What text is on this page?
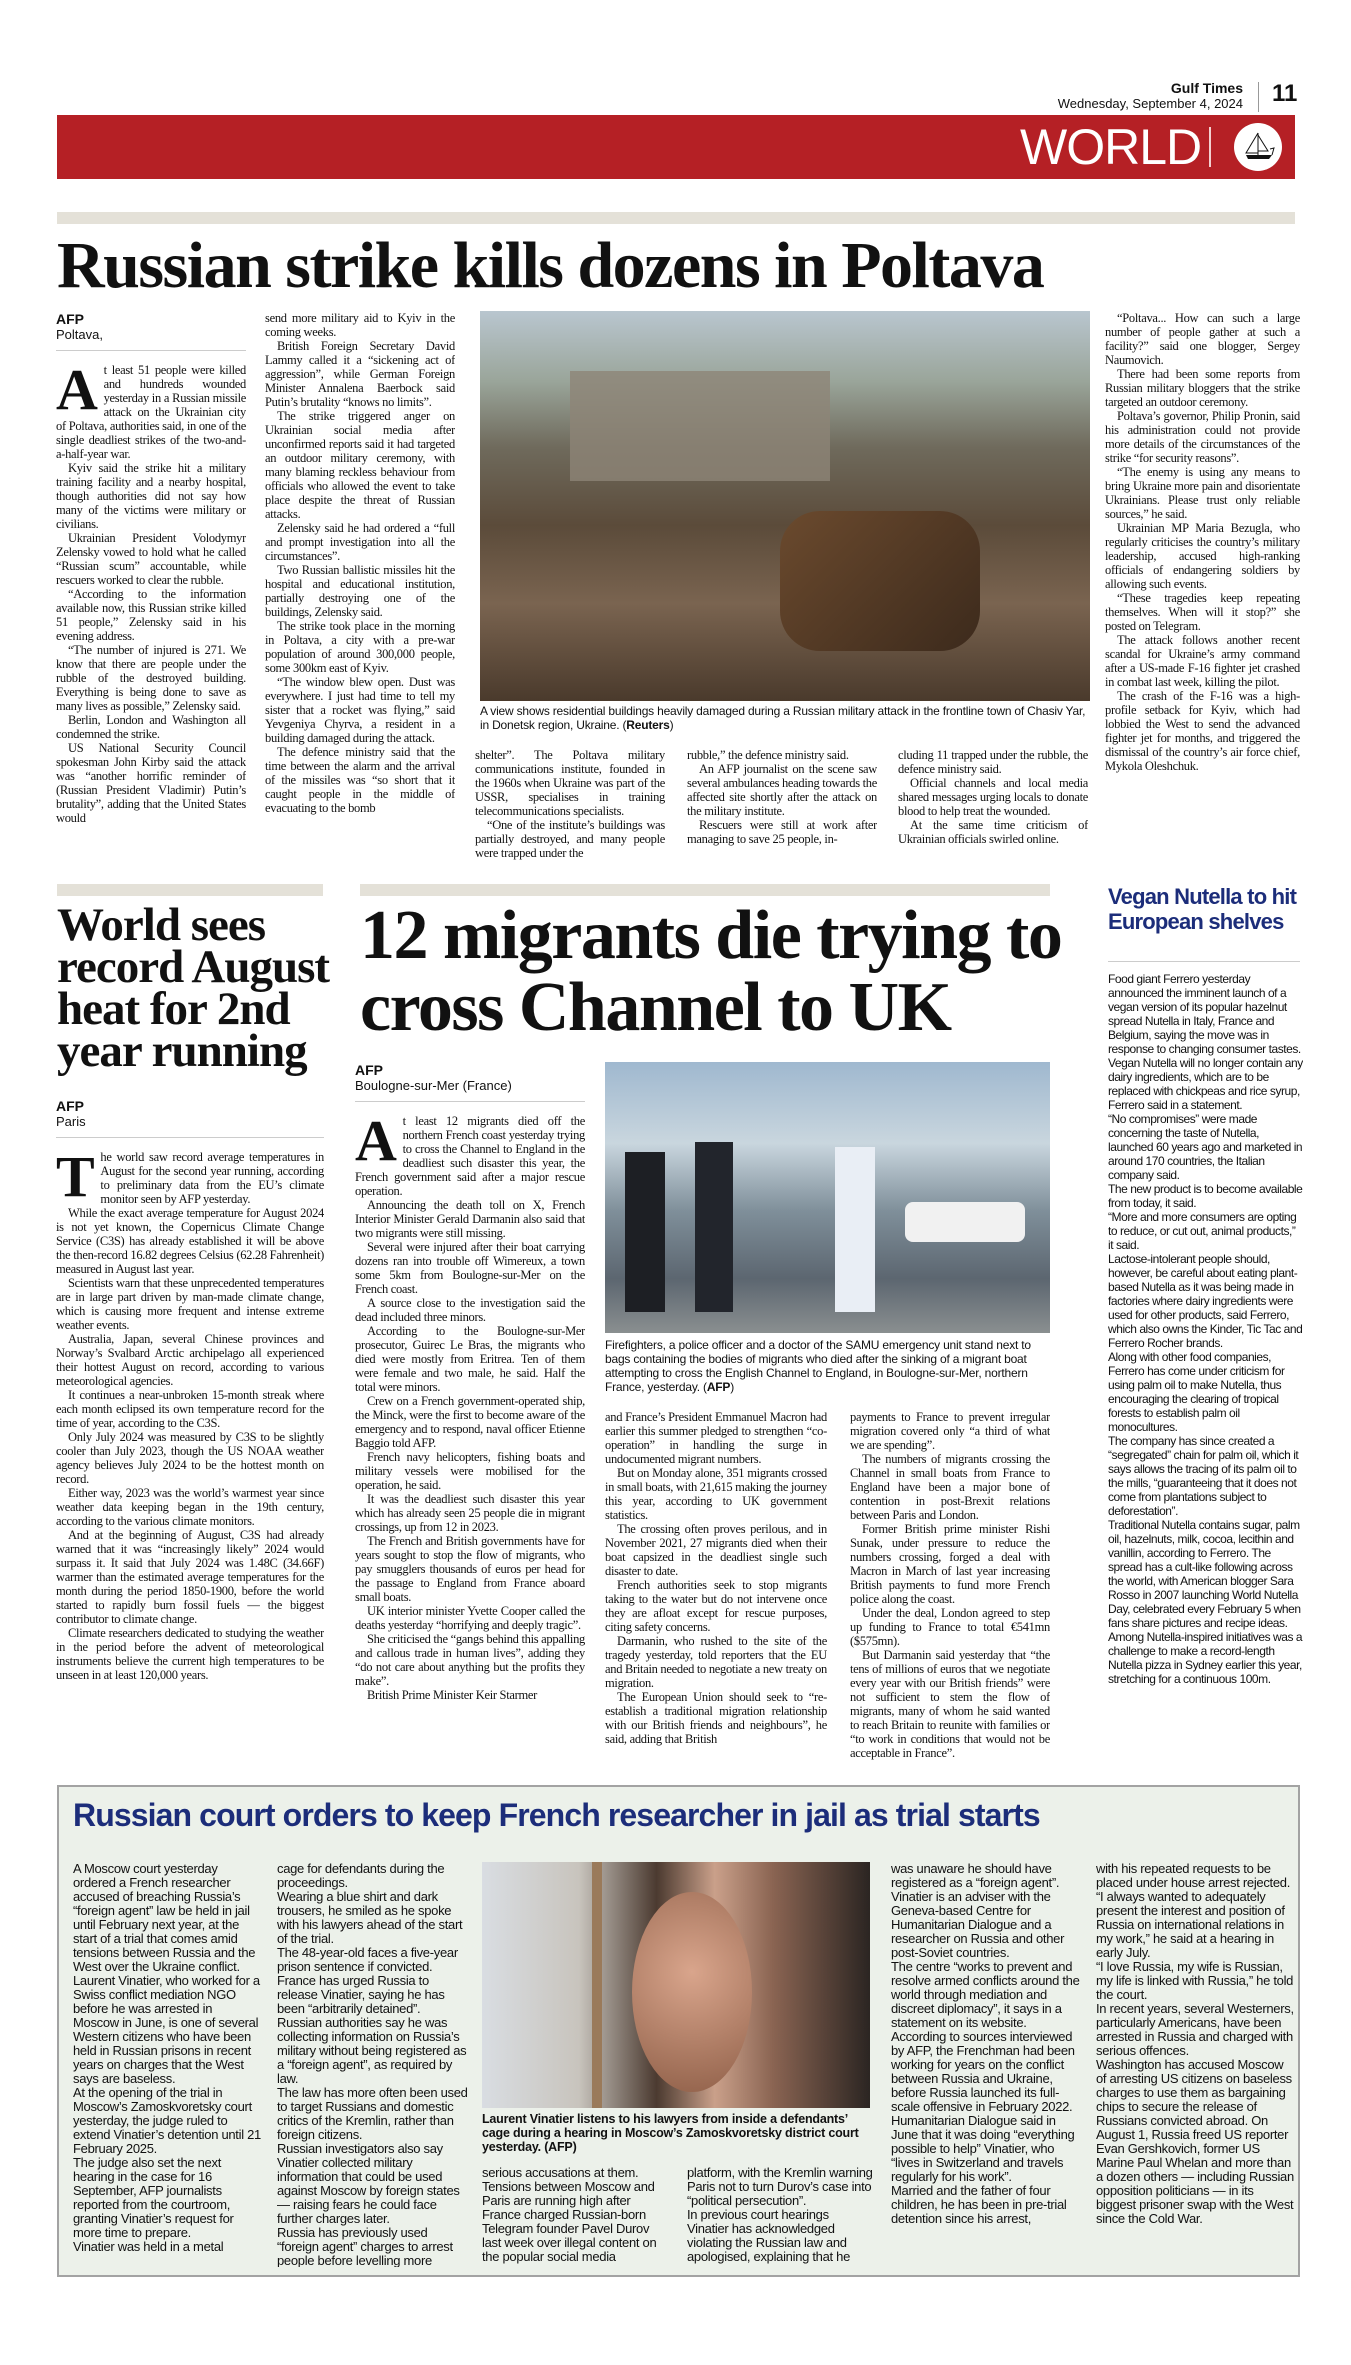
Gulf Times
Wednesday, September 4, 2024 11
WORLD
Russian strike kills dozens in Poltava
AFP
Poltava,

At least 51 people were killed and hundreds wounded yesterday in a Russian missile attack on the Ukrainian city of Poltava, authorities said, in one of the single deadliest strikes of the two-and-a-half-year war.

Kyiv said the strike hit a military training facility and a nearby hospital, though authorities did not say how many of the victims were military or civilians.

Ukrainian President Volodymyr Zelensky vowed to hold what he called “Russian scum” accountable, while rescuers worked to clear the rubble.

“According to the information available now, this Russian strike killed 51 people,” Zelensky said in his evening address.

“The number of injured is 271. We know that there are people under the rubble of the destroyed building. Everything is being done to save as many lives as possible,” Zelensky said.

Berlin, London and Washington all condemned the strike.

US National Security Council spokesman John Kirby said the attack was “another horrific reminder of (Russian President Vladimir) Putin’s brutality”, adding that the United States would

send more military aid to Kyiv in the coming weeks.

British Foreign Secretary David Lammy called it a “sickening act of aggression”, while German Foreign Minister Annalena Baerbock said Putin’s brutality “knows no limits”.

The strike triggered anger on Ukrainian social media after unconfirmed reports said it had targeted an outdoor military ceremony, with many blaming reckless behaviour from officials who allowed the event to take place despite the threat of Russian attacks.

Zelensky said he had ordered a “full and prompt investigation into all the circumstances”.

Two Russian ballistic missiles hit the hospital and educational institution, partially destroying one of the buildings, Zelensky said.

The strike took place in the morning in Poltava, a city with a pre-war population of around 300,000 people, some 300km east of Kyiv.

“The window blew open. Dust was everywhere. I just had time to tell my sister that a rocket was flying,” said Yevgeniya Chyrva, a resident in a building damaged during the attack.

The defence ministry said that the time between the alarm and the arrival of the missiles was “so short that it caught people in the middle of evacuating to the bomb

A view shows residential buildings heavily damaged during a Russian military attack in the frontline town of Chasiv Yar, in Donetsk region, Ukraine. (Reuters)

shelter”. The Poltava military communications institute, founded in the 1960s when Ukraine was part of the USSR, specialises in training telecommunications specialists.

“One of the institute’s buildings was partially destroyed, and many people were trapped under the

rubble,” the defence ministry said.

An AFP journalist on the scene saw several ambulances heading towards the affected site shortly after the attack on the military institute.

Rescuers were still at work after managing to save 25 people, in-

cluding 11 trapped under the rubble, the defence ministry said.

Official channels and local media shared messages urging locals to donate blood to help treat the wounded.

At the same time criticism of Ukrainian officials swirled online.

“Poltava... How can such a large number of people gather at such a facility?” said one blogger, Sergey Naumovich.

There had been some reports from Russian military bloggers that the strike targeted an outdoor ceremony.

Poltava’s governor, Philip Pronin, said his administration could not provide more details of the circumstances of the strike “for security reasons”.

“The enemy is using any means to bring Ukraine more pain and disorientate Ukrainians. Please trust only reliable sources,” he said.

Ukrainian MP Maria Bezugla, who regularly criticises the country’s military leadership, accused high-ranking officials of endangering soldiers by allowing such events.

“These tragedies keep repeating themselves. When will it stop?” she posted on Telegram.

The attack follows another recent scandal for Ukraine’s army command after a US-made F-16 fighter jet crashed in combat last week, killing the pilot.

The crash of the F-16 was a high-profile setback for Kyiv, which had lobbied the West to send the advanced fighter jet for months, and triggered the dismissal of the country’s air force chief, Mykola Oleshchuk.

World sees record August heat for 2nd year running
AFP
Paris

The world saw record average temperatures in August for the second year running, according to preliminary data from the EU’s climate monitor seen by AFP yesterday.

While the exact average temperature for August 2024 is not yet known, the Copernicus Climate Change Service (C3S) has already established it will be above the then-record 16.82 degrees Celsius (62.28 Fahrenheit) measured in August last year.

Scientists warn that these unprecedented temperatures are in large part driven by man-made climate change, which is causing more frequent and intense extreme weather events.

Australia, Japan, several Chinese provinces and Norway’s Svalbard Arctic archipelago all experienced their hottest August on record, according to various meteorological agencies.

It continues a near-unbroken 15-month streak where each month eclipsed its own temperature record for the time of year, according to the C3S.

Only July 2024 was measured by C3S to be slightly cooler than July 2023, though the US NOAA weather agency believes July 2024 to be the hottest month on record.

Either way, 2023 was the world’s warmest year since weather data keeping began in the 19th century, according to the various climate monitors.

And at the beginning of August, C3S had already warned that it was “increasingly likely” 2024 would surpass it. It said that July 2024 was 1.48C (34.66F) warmer than the estimated average temperatures for the month during the period 1850-1900, before the world started to rapidly burn fossil fuels — the biggest contributor to climate change.

Climate researchers dedicated to studying the weather in the period before the advent of meteorological instruments believe the current high temperatures to be unseen in at least 120,000 years.

12 migrants die trying to
cross Channel to UK
AFP
Boulogne-sur-Mer (France)

At least 12 migrants died off the northern French coast yesterday trying to cross the Channel to England in the deadliest such disaster this year, the French government said after a major rescue operation.

Announcing the death toll on X, French Interior Minister Gerald Darmanin also said that two migrants were still missing.

Several were injured after their boat carrying dozens ran into trouble off Wimereux, a town some 5km from Boulogne-sur-Mer on the French coast.

A source close to the investigation said the dead included three minors.

According to the Boulogne-sur-Mer prosecutor, Guirec Le Bras, the migrants who died were mostly from Eritrea. Ten of them were female and two male, he said. Half the total were minors.

Crew on a French government-operated ship, the Minck, were the first to become aware of the emergency and to respond, naval officer Etienne Baggio told AFP.

French navy helicopters, fishing boats and military vessels were mobilised for the operation, he said.

It was the deadliest such disaster this year which has already seen 25 people die in migrant crossings, up from 12 in 2023.

The French and British governments have for years sought to stop the flow of migrants, who pay smugglers thousands of euros per head for the passage to England from France aboard small boats.

UK interior minister Yvette Cooper called the deaths yesterday “horrifying and deeply tragic”.

She criticised the “gangs behind this appalling and callous trade in human lives”, adding they “do not care about anything but the profits they make”.

British Prime Minister Keir Starmer

Firefighters, a police officer and a doctor of the SAMU emergency unit stand next to bags containing the bodies of migrants who died after the sinking of a migrant boat attempting to cross the English Channel to England, in Boulogne-sur-Mer, northern France, yesterday. (AFP)

and France’s President Emmanuel Macron had earlier this summer pledged to strengthen “co-operation” in handling the surge in undocumented migrant numbers.

But on Monday alone, 351 migrants crossed in small boats, with 21,615 making the journey this year, according to UK government statistics.

The crossing often proves perilous, and in November 2021, 27 migrants died when their boat capsized in the deadliest single such disaster to date.

French authorities seek to stop migrants taking to the water but do not intervene once they are afloat except for rescue purposes, citing safety concerns.

Darmanin, who rushed to the site of the tragedy yesterday, told reporters that the EU and Britain needed to negotiate a new treaty on migration.

The European Union should seek to “re-establish a traditional migration relationship with our British friends and neighbours”, he said, adding that British

payments to France to prevent irregular migration covered only “a third of what we are spending”.

The numbers of migrants crossing the Channel in small boats from France to England have been a major bone of contention in post-Brexit relations between Paris and London.

Former British prime minister Rishi Sunak, under pressure to reduce the numbers crossing, forged a deal with Macron in March of last year increasing British payments to fund more French police along the coast.

Under the deal, London agreed to step up funding to France to total €541mn ($575mn).

But Darmanin said yesterday that “the tens of millions of euros that we negotiate every year with our British friends” were not sufficient to stem the flow of migrants, many of whom he said wanted to reach Britain to reunite with families or “to work in conditions that would not be acceptable in France”.

Vegan Nutella to hit European shelves

Food giant Ferrero yesterday announced the imminent launch of a vegan version of its popular hazelnut spread Nutella in Italy, France and Belgium, saying the move was in response to changing consumer tastes.

Vegan Nutella will no longer contain any dairy ingredients, which are to be replaced with chickpeas and rice syrup, Ferrero said in a statement.

“No compromises” were made concerning the taste of Nutella, launched 60 years ago and marketed in around 170 countries, the Italian company said.

The new product is to become available from today, it said.

“More and more consumers are opting to reduce, or cut out, animal products,” it said.

Lactose-intolerant people should, however, be careful about eating plant-based Nutella as it was being made in factories where dairy ingredients were used for other products, said Ferrero, which also owns the Kinder, Tic Tac and Ferrero Rocher brands.

Along with other food companies, Ferrero has come under criticism for using palm oil to make Nutella, thus encouraging the clearing of tropical forests to establish palm oil monocultures.

The company has since created a “segregated” chain for palm oil, which it says allows the tracing of its palm oil to the mills, “guaranteeing that it does not come from plantations subject to deforestation”.

Traditional Nutella contains sugar, palm oil, hazelnuts, milk, cocoa, lecithin and vanillin, according to Ferrero. The spread has a cult-like following across the world, with American blogger Sara Rosso in 2007 launching World Nutella Day, celebrated every February 5 when fans share pictures and recipe ideas.

Among Nutella-inspired initiatives was a challenge to make a record-length Nutella pizza in Sydney earlier this year, stretching for a continuous 100m.

Russian court orders to keep French researcher in jail as trial starts

A Moscow court yesterday ordered a French researcher accused of breaching Russia’s “foreign agent” law be held in jail until February next year, at the start of a trial that comes amid tensions between Russia and the West over the Ukraine conflict.

Laurent Vinatier, who worked for a Swiss conflict mediation NGO before he was arrested in Moscow in June, is one of several Western citizens who have been held in Russian prisons in recent years on charges that the West says are baseless.

At the opening of the trial in Moscow’s Zamoskvoretsky court yesterday, the judge ruled to extend Vinatier’s detention until 21 February 2025.

The judge also set the next hearing in the case for 16 September, AFP journalists reported from the courtroom, granting Vinatier’s request for more time to prepare.

Vinatier was held in a metal

cage for defendants during the proceedings.

Wearing a blue shirt and dark trousers, he smiled as he spoke with his lawyers ahead of the start of the trial.

The 48-year-old faces a five-year prison sentence if convicted.

France has urged Russia to release Vinatier, saying he has been “arbitrarily detained”.

Russian authorities say he was collecting information on Russia’s military without being registered as a “foreign agent”, as required by law.

The law has more often been used to target Russians and domestic critics of the Kremlin, rather than foreign citizens.

Russian investigators also say Vinatier collected military information that could be used against Moscow by foreign states — raising fears he could face further charges later.

Russia has previously used “foreign agent” charges to arrest people before levelling more

Laurent Vinatier listens to his lawyers from inside a defendants’ cage during a hearing in Moscow’s Zamoskvoretsky district court yesterday. (AFP)

serious accusations at them.

Tensions between Moscow and Paris are running high after France charged Russian-born Telegram founder Pavel Durov last week over illegal content on the popular social media

platform, with the Kremlin warning Paris not to turn Durov’s case into “political persecution”.

In previous court hearings Vinatier has acknowledged violating the Russian law and apologised, explaining that he

was unaware he should have registered as a “foreign agent”.

Vinatier is an adviser with the Geneva-based Centre for Humanitarian Dialogue and a researcher on Russia and other post-Soviet countries.

The centre “works to prevent and resolve armed conflicts around the world through mediation and discreet diplomacy”, it says in a statement on its website.

According to sources interviewed by AFP, the Frenchman had been working for years on the conflict between Russia and Ukraine, before Russia launched its full-scale offensive in February 2022.

Humanitarian Dialogue said in June that it was doing “everything possible to help” Vinatier, who “lives in Switzerland and travels regularly for his work”.

Married and the father of four children, he has been in pre-trial detention since his arrest,

with his repeated requests to be placed under house arrest rejected.

“I always wanted to adequately present the interest and position of Russia on international relations in my work,” he said at a hearing in early July.

“I love Russia, my wife is Russian, my life is linked with Russia,” he told the court.

In recent years, several Westerners, particularly Americans, have been arrested in Russia and charged with serious offences.

Washington has accused Moscow of arresting US citizens on baseless charges to use them as bargaining chips to secure the release of Russians convicted abroad. On August 1, Russia freed US reporter Evan Gershkovich, former US Marine Paul Whelan and more than a dozen others — including Russian opposition politicians — in its biggest prisoner swap with the West since the Cold War.
